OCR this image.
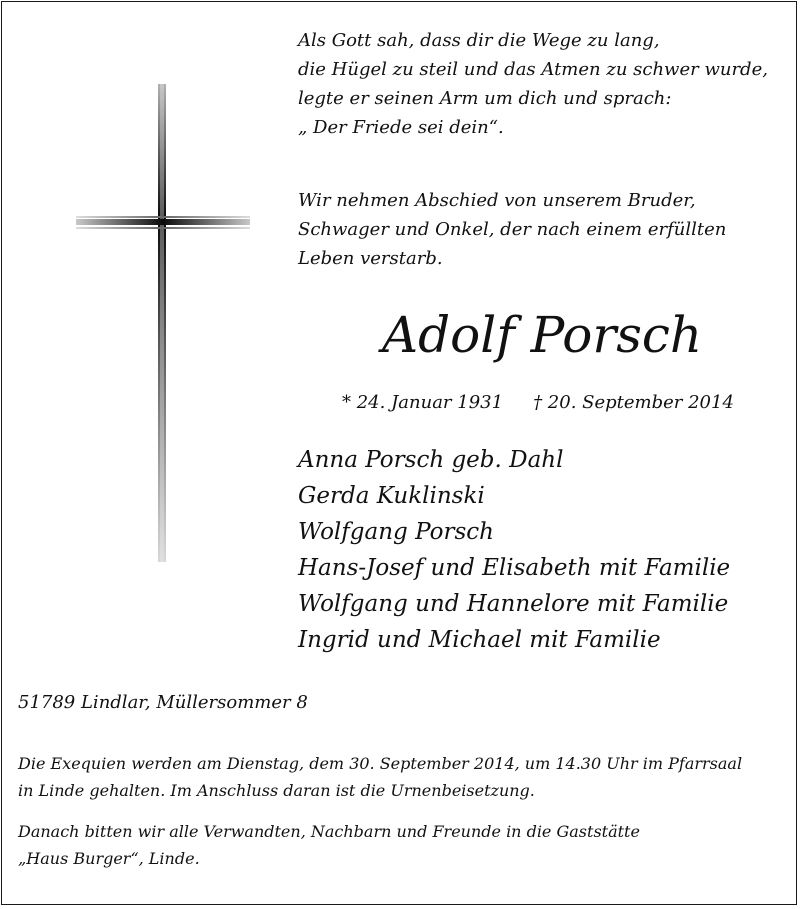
Als Gott sah, dass dir die Wege zu lang,
die Hügel zu steil und das Atmen zu schwer wurde,
legte er seinen Arm um dich und sprach:
„ Der Friede sei dein“.
Wir nehmen Abschied von unserem Bruder,
Schwager und Onkel, der nach einem erfüllten
Leben verstarb.
Adolf Porsch
* 24. Januar 1931 † 20. September 2014
Anna Porsch geb. Dahl
Gerda Kuklinski
Wolfgang Porsch
Hans-Josef und Elisabeth mit Familie
Wolfgang und Hannelore mit Familie
Ingrid und Michael mit Familie
51789 Lindlar, Müllersommer 8
Die Exequien werden am Dienstag, dem 30. September 2014, um 14.30 Uhr im Pfarrsaal
in Linde gehalten. Im Anschluss daran ist die Urnenbeisetzung.
Danach bitten wir alle Verwandten, Nachbarn und Freunde in die Gaststätte
„Haus Burger“, Linde.
